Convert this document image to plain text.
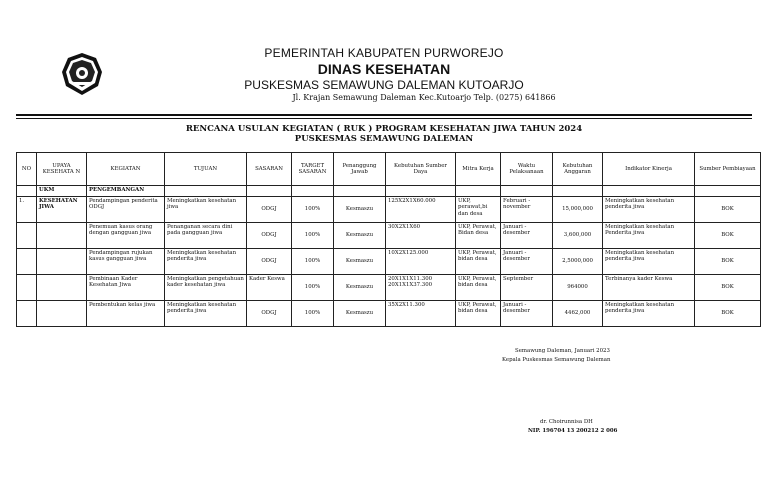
PEMERINTAH KABUPATEN PURWOREJO
DINAS KESEHATAN
PUSKESMAS SEMAWUNG DALEMAN KUTOARJO
Jl. Krajan Semawung Daleman Kec.Kutoarjo Telp. (0275) 641866
RENCANA USULAN KEGIATAN ( RUK ) PROGRAM KESEHATAN JIWA TAHUN 2024
PUSKESMAS SEMAWUNG DALEMAN
NO	UPAYA KESEHATA N	KEGIATAN	TUJUAN	SASARAN	TARGET SASARAN	Penanggung Jawab	Kebutuhan Sumber Daya	Mitra Kerja	Waktu Pelaksanaan	Kebutuhan Anggaran	Indikator Kinerja	Sumber Pembiayaan
	UKM	PENGEMBANGAN										
1.	KESEHATAN JIWA	Pendampingan penderita ODGJ	Meningkatkan kesehatan jiwa	ODGJ	100%	Kesmaszu	125X2X1X60.000	UKP, perawat,bi dan desa	Februari - november	15,000,000	Meningkatkan kesehatan penderita jiwa	BOK
		Penemuan kasus orang dengan gangguan jiwa	Penanganan secara dini pada gangguan jiwa	ODGJ	100%	Kesmaszu	30X2X1X60	UKP, Perawat, Bidan desa	Januari - desember	3,600,000	Meningkatkan kesehatan Penderita jiwa	BOK
		Pendampingan rujukan kasus gangguan jiwa	Meningkatkan kesehatan penderita jiwa	ODGJ	100%	Kesmaszu	10X2X125.000	UKP, Perawat, bidan desa	Januari - desember	2,5000,000	Meningkatkan kesehatan penderita jiwa	BOK
		Pembinaan Kader Kesehatan Jiwa	Meningkatkan pengetahuan kader kesehatan jiwa	Kader Keswa	100%	Kesmaszu	20X1X1X11.300 20X1X1X37.300	UKP, Perawat, bidan desa	September	964000	Terbinanya kader Keswa	BOK
		Pembentukan kelas jiwa	Meningkatkan kesehatan penderita jiwa	ODGJ	100%	Kesmaszu	35X2X11.300	UKP, Perawat, bidan desa	Januari - desember	4462,000	Meningkatkan kesehatan penderita jiwa	BOK
Semawung Daleman, Januari 2023
Kepala Puskesmas Semawung Daleman
dr. Choirunnisa DH
NIP. 196704 13 200212 2 006
